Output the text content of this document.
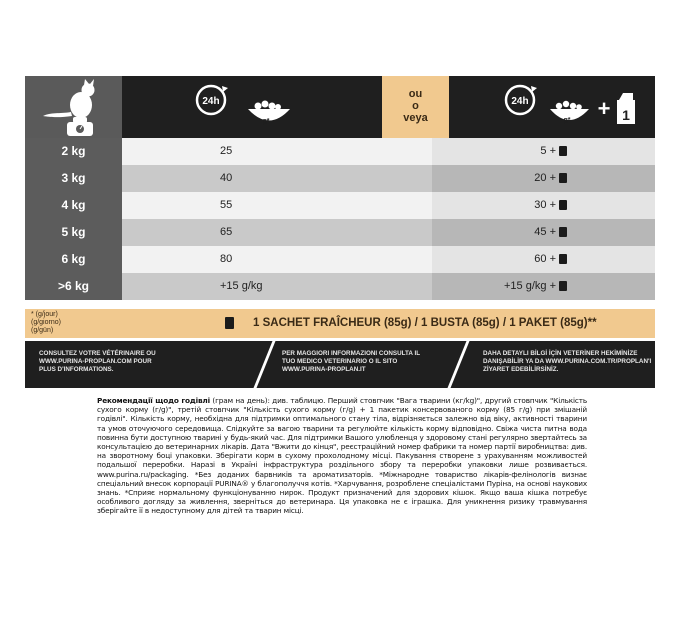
24h
g*
ou
o
veya
24h
g* + 1
2 kg	25	5 +
3 kg	40	20 +
4 kg	55	30 +
5 kg	65	45 +
6 kg	80	60 +
>6 kg	+15 g/kg	+15 g/kg +
* (g/jour)
(g/giorno)
(g/gün)
1 SACHET FRAÎCHEUR (85g) / 1 BUSTA (85g) / 1 PAKET (85g)**
CONSULTEZ VOTRE VÉTÉRINAIRE OU WWW.PURINA-PROPLAN.COM POUR PLUS D'INFORMATIONS.
PER MAGGIORI INFORMAZIONI CONSULTA IL TUO MEDICO VETERINARIO O IL SITO WWW.PURINA-PROPLAN.IT
DAHA DETAYLI BİLGİ İÇİN VETERİNER HEKİMİNİZE DANIŞABİLİR YA DA WWW.PURINA.COM.TR/PROPLAN'I ZİYARET EDEBİLİRSİNİZ.
Рекомендації щодо годівлі (грам на день): див. таблицю. Перший стовпчик "Вага тварини (кг/kg)", другий стовпчик "Кількість сухого корму (г/g)", третій стовпчик "Кількість сухого корму (г/g) + 1 пакетик консервованого корму (85 г/g) при змішаній годівлі". Кількість корму, необхідна для підтримки оптимального стану тіла, відрізняється залежно від віку, активності тварини та умов оточуючого середовища. Слідкуйте за вагою тварини та регулюйте кількість корму відповідно. Свіжа чиста питна вода повинна бути доступною тварині у будь-який час. Для підтримки Вашого улюбленця у здоровому стані регулярно звертайтесь за консультацією до ветеринарних лікарів. Дата "Вжити до кінця", реєстраційний номер фабрики та номер партії виробництва: див. на зворотному боці упаковки. Зберігати корм в сухому прохолодному місці. Пакування створене з урахуванням можливостей подальшої переробки. Наразі в Україні інфраструктура роздільного збору та переробки упаковки лише розвивається. www.purina.ru/packaging. *Без доданих барвників та ароматизаторів. *Міжнародне товариство лікарів-фелінологів визнає спеціальний внесок корпорації PURINA® у благополуччя котів. *Харчування, розроблене спеціалістами Пуріна, на основі наукових знань. *Сприяє нормальному функціонуванню нирок. Продукт призначений для здорових кішок. Якщо ваша кішка потребує особливого догляду за живлення, зверніться до ветеринара. Ця упаковка не є іграшка. Для уникнення ризику травмування зберігайте її в недоступному для дітей та тварин місці.
